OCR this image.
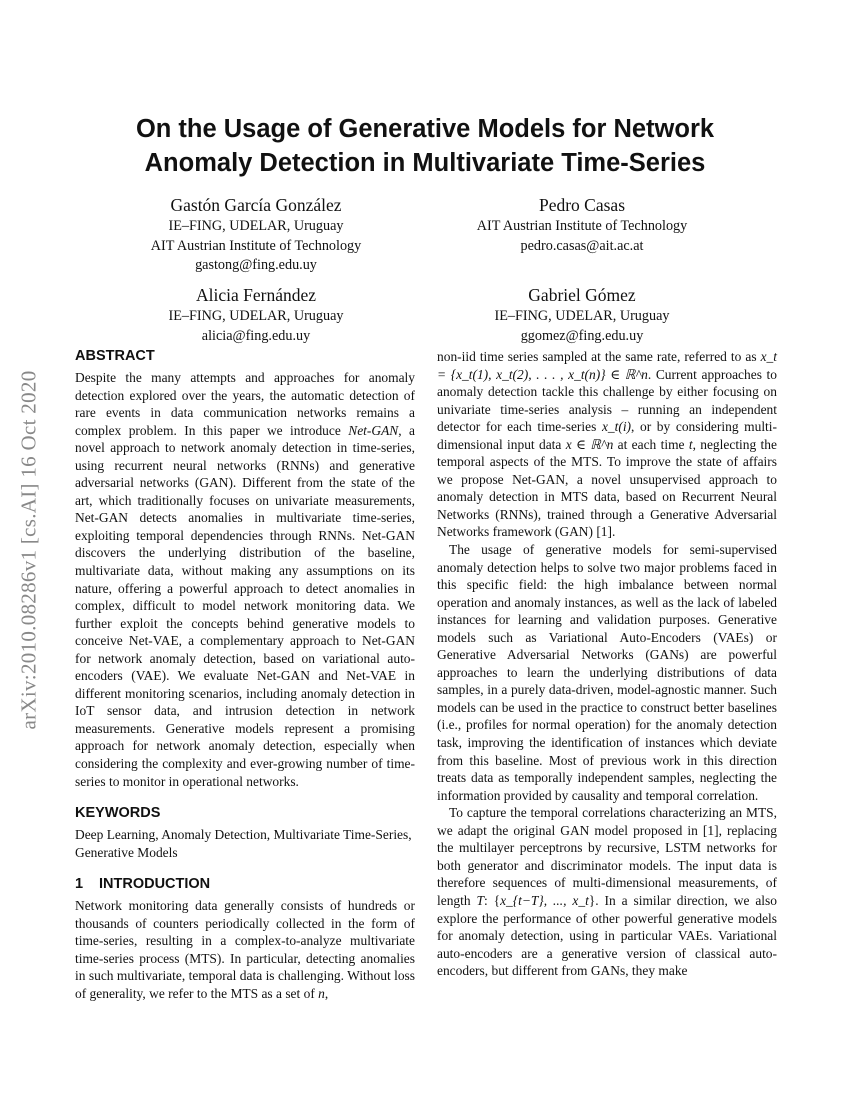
arXiv:2010.08286v1 [cs.AI] 16 Oct 2020
On the Usage of Generative Models for Network
Anomaly Detection in Multivariate Time-Series
Gastón García González
IE–FING, UDELAR, Uruguay
AIT Austrian Institute of Technology
gastong@fing.edu.uy
Pedro Casas
AIT Austrian Institute of Technology
pedro.casas@ait.ac.at
Alicia Fernández
IE–FING, UDELAR, Uruguay
alicia@fing.edu.uy
Gabriel Gómez
IE–FING, UDELAR, Uruguay
ggomez@fing.edu.uy
ABSTRACT

Despite the many attempts and approaches for anomaly detection explored over the years, the automatic detection of rare events in data communication networks remains a complex problem. In this paper we introduce Net-GAN, a novel approach to network anomaly detection in time-series, using recurrent neural networks (RNNs) and generative adversarial networks (GAN). Different from the state of the art, which traditionally focuses on univariate measurements, Net-GAN detects anomalies in multivariate time-series, exploiting temporal dependencies through RNNs. Net-GAN discovers the underlying distribution of the baseline, multivariate data, without making any assumptions on its nature, offering a powerful approach to detect anomalies in complex, difficult to model network monitoring data. We further exploit the concepts behind generative models to conceive Net-VAE, a complementary approach to Net-GAN for network anomaly detection, based on variational auto-encoders (VAE). We evaluate Net-GAN and Net-VAE in different monitoring scenarios, including anomaly detection in IoT sensor data, and intrusion detection in network measurements. Generative models represent a promising approach for network anomaly detection, especially when considering the complexity and ever-growing number of time-series to monitor in operational networks.

KEYWORDS

Deep Learning, Anomaly Detection, Multivariate Time-Series, Generative Models

1 INTRODUCTION

Network monitoring data generally consists of hundreds or thousands of counters periodically collected in the form of time-series, resulting in a complex-to-analyze multivariate time-series process (MTS). In particular, detecting anomalies in such multivariate, temporal data is challenging. Without loss of generality, we refer to the MTS as a set of n,

non-iid time series sampled at the same rate, referred to as x_t = {x_t(1), x_t(2), . . . , x_t(n)} ∈ ℝ^n. Current approaches to anomaly detection tackle this challenge by either focusing on univariate time-series analysis – running an independent detector for each time-series x_t(i), or by considering multi-dimensional input data x ∈ ℝ^n at each time t, neglecting the temporal aspects of the MTS. To improve the state of affairs we propose Net-GAN, a novel unsupervised approach to anomaly detection in MTS data, based on Recurrent Neural Networks (RNNs), trained through a Generative Adversarial Networks framework (GAN) [1].

The usage of generative models for semi-supervised anomaly detection helps to solve two major problems faced in this specific field: the high imbalance between normal operation and anomaly instances, as well as the lack of labeled instances for learning and validation purposes. Generative models such as Variational Auto-Encoders (VAEs) or Generative Adversarial Networks (GANs) are powerful approaches to learn the underlying distributions of data samples, in a purely data-driven, model-agnostic manner. Such models can be used in the practice to construct better baselines (i.e., profiles for normal operation) for the anomaly detection task, improving the identification of instances which deviate from this baseline. Most of previous work in this direction treats data as temporally independent samples, neglecting the information provided by causality and temporal correlation.

To capture the temporal correlations characterizing an MTS, we adapt the original GAN model proposed in [1], replacing the multilayer perceptrons by recursive, LSTM networks for both generator and discriminator models. The input data is therefore sequences of multi-dimensional measurements, of length T: {x_{t−T}, ..., x_t}. In a similar direction, we also explore the performance of other powerful generative models for anomaly detection, using in particular VAEs. Variational auto-encoders are a generative version of classical auto-encoders, but different from GANs, they make
